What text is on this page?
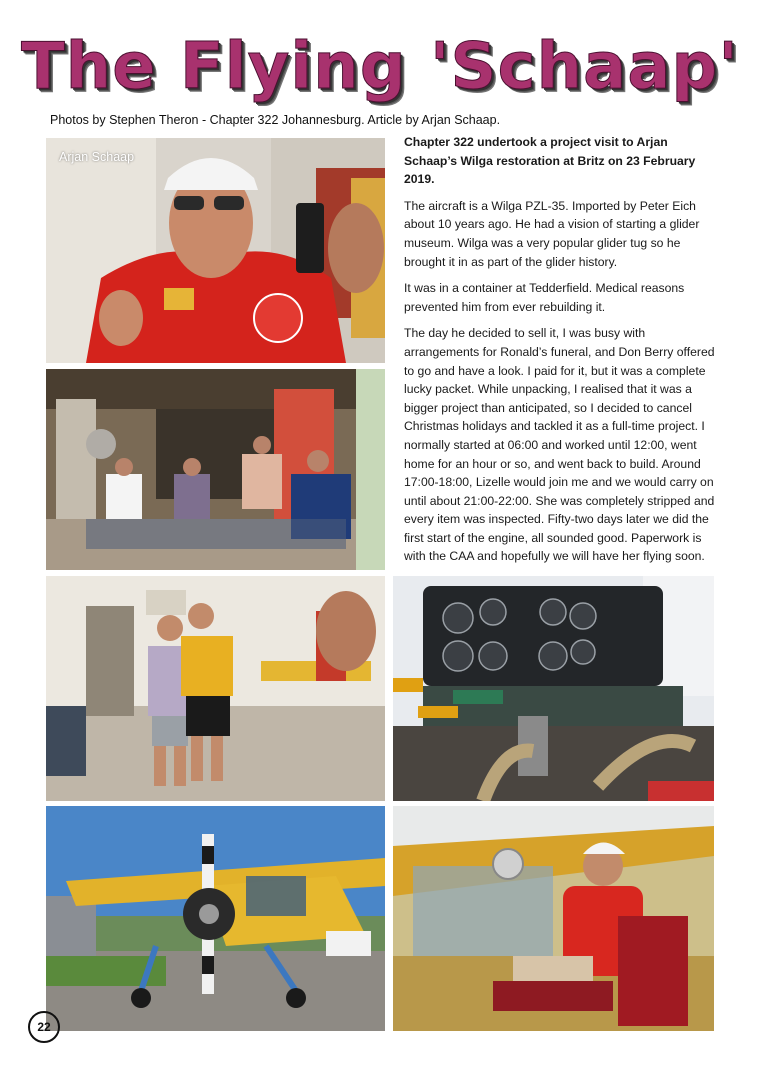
The Flying 'Schaap'
Photos by Stephen Theron - Chapter 322 Johannesburg. Article by Arjan Schaap.
Arjan Schaap

Chapter 322 undertook a project visit to Arjan Schaap’s Wilga restoration at Britz on 23 February 2019.

The aircraft is a Wilga PZL-35. Imported by Peter Eich about 10 years ago. He had a vision of starting a glider museum. Wilga was a very popular glider tug so he brought it in as part of the glider history.

It was in a container at Tedderfield. Medical reasons prevented him from ever rebuilding it.

The day he decided to sell it, I was busy with arrangements for Ronald’s funeral, and Don Berry offered to go and have a look. I paid for it, but it was a complete lucky packet. While unpacking, I realised that it was a bigger project than anticipated, so I decided to cancel Christmas holidays and tackled it as a full-time project. I normally started at 06:00 and worked until 12:00, went home for an hour or so, and went back to build. Around 17:00-18:00, Lizelle would join me and we would carry on until about 21:00-22:00. She was completely stripped and every item was inspected. Fifty-two days later we did the first start of the engine, all sounded good. Paperwork is with the CAA and hopefully we will have her flying soon.

22
